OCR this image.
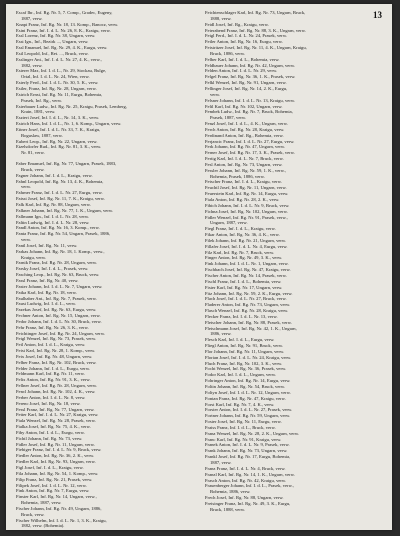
13
Escaf Ibr., Inf. Rg. Nr. 5, 7. Comp., Gradec, Eugeny,
1887, verw.
Knapi Franz, Inf. Rg. Nr. 18, 13. Komp., Banocz, verw.
Esini Franz, Inf. I. d. L. Nr. 26, 8. K., Kraigu, verw.
Essl Lorenz, Inf. Rg. Nr. 38, Ungarn, verw.
Esst Ign., Inf., Bezirk ..., Ungarn, verw.
Essl Emanuel, Inf. Rg. Nr. 29, 4. K., Eurgu, verw.
Estl Leopold, Inf., Ret. ..., Bruck, verw.
Esslinger Ant., Inf. I. d. L. Nr. 27, 4. K., verw.,
1882, verw.
Esterer Max, Inf. I. d. L., Nr. 29, Stockau, Bulge,
Ortal, Inf. I. d. L. Nr. 24, Wien, verw.
Esterly Ferd., Inf. I. d. L. Nr. 30, 5. K., verw.
Estler, Franz, Inf. Rg. Nr. 28, Ungarn, verw.
Estrich Ernst, Inf. Rg. Nr. 11, Eurgu, Bohemia,
Prasek, Inf. Rg., verw.
Esterbauer Ludw., Inf. Rg. Nr. 25, Kraigu, Prasek, Lemberg,
Krain, 1881, verw.
Eszteri Josef, Inf. I. d. L., Nr. 14, 3. K., verw.
Estrich Hans, Inf. I. d. L., Nr. 1, 6. Komp., Ungarn, verw.
Ettner Josef, Inf. I. d. L. Nr. 33, 7. K., Kraigu,
Boguslaw, 1887, verw.
Eubert Leop., Inf. Rg. Nr. 22, Ungarn, verw.
Etzelsdorfer Rud., Inf. Rg. Nr. 81, 3. K., verw.
Nr. 81, verw.
Faber Emanuel, Inf. Rg. Nr. 77, Ungarn, Prasek, 1883,
Bruck, verw.
Fagner Johann, Inf. I. d. L., Kraigu, verw.
Fahnl Leopold, Inf. Rg. Nr. 13, 4. K., Bohemia,
verw.
Fahrner Franz, Inf. I. d. L. Nr. 27, Eurgu, verw.
Faisst Josef, Inf. Rg. Nr. 11, 7. K., Kraigu, verw.
Falk Karl, Inf. Rg. Nr. 88, Ungarn, verw.
Falkner Johann, Inf. Rg. Nr. 77, 1. K., Ungarn, verw.
Fallmann Ign., Inf. I. d. L. Nr. 28, verw.
Faltin Ludwig, Inf. I. d. L. Nr. 28, verw.
Fandl Anton, Inf. Rg. Nr. 16, 3. Komp., verw.
Fanta Franz, Inf. Rg. Nr. 54, Ungarn, Prasek, 1886,
verw.
Fantl Josef, Inf. Rg. Nr. 11, verw.
Farkas Johann, Inf. Rg. Nr. 18, 1. Komp., verw.,
Kraigu, verw.
Farnik Franz, Inf. Rg. Nr. 28, Ungarn, verw.
Farsky Josef, Inf. I. d. L., Prasek, verw.
Fasching Leop., Inf. Rg. Nr. 63, Bruck, verw.
Fassl Franz, Inf. Rg. Nr. 40, verw.
Faster Johann, Inf. I. d. L. Nr. 7, Ungarn, verw.
Fatka Karl, Inf. Rg. Nr. 18, verw.
Faulhaber Ant., Inf. Rg. Nr. 7, Prasek, verw.
Faust Ludwig, Inf. I. d. L., verw.
Fazekas Josef, Inf. Rg. Nr. 63, Eurgu, verw.
Fechner Anton, Inf. Rg. Nr. 15, Ungarn, verw.
Fedor Johann, Inf. I. d. L. Nr. 30, Bruck, verw.
Fehr Franz, Inf. Rg. Nr. 26, 3. K., verw.
Feichtinger Josef, Inf. Rg. Nr. 24, Ungarn, verw.
Feigl Wenzel, Inf. Rg. Nr. 73, Prasek, verw.
Feil Anton, Inf. I. d. L., Kraigu, verw.
Feist Karl, Inf. Rg. Nr. 28, 1. Komp., verw.
Feix Josef, Inf. Rg. Nr. 48, Ungarn, verw.
Felber Franz, Inf. Rg. Nr. 102, Bruck, verw.
Felder Johann, Inf. I. d. L., Eurgu, verw.
Feldmann Karl, Inf. Rg. Nr. 11, verw.
Felix Anton, Inf. Rg. Nr. 91, 3. K., verw.
Fellner Josef, Inf. Rg. Nr. 28, Ungarn, verw.
Fencl Johann, Inf. Rg. Nr. 102, 4. K., verw.
Ferber Anton, Inf. I. d. L. Nr. 8, verw.
Ferenc Josef, Inf. Rg. Nr. 18, verw.
Fessl Franz, Inf. Rg. Nr. 77, Ungarn, verw.
Fetter Karl, Inf. I. d. L. Nr. 27, Kraigu, verw.
Fiala Wenzel, Inf. Rg. Nr. 28, Prasek, verw.
Fialka Josef, Inf. Rg. Nr. 75, 4. K., verw.
Fiby Anton, Inf. I. d. L., Eurgu, verw.
Fichtl Johann, Inf. Rg. Nr. 73, verw.
Fidler Josef, Inf. Rg. Nr. 11, Ungarn, verw.
Fiebiger Franz, Inf. I. d. L. Nr. 9, Bruck, verw.
Fiedler Anton, Inf. Rg. Nr. 36, 2. K., verw.
Fiedler Karl, Inf. Rg. Nr. 93, Ungarn, verw.
Figl Josef, Inf. I. d. L., Kraigu, verw.
Fila Johann, Inf. Rg. Nr. 54, 1. Komp., verw.
Filip Franz, Inf. Rg. Nr. 21, Prasek, verw.
Filipek Josef, Inf. I. d. L. Nr. 12, verw.
Fink Anton, Inf. Rg. Nr. 7, Eurgu, verw.
Finster Karl, Inf. Rg. Nr. 14, Ungarn, verw.,
Bohemia, 1887, verw.
Fischer Johann, Inf. Rg. Nr. 49, Ungarn, 1886,
Bruck, verw.
Fischer Wilhelm, Inf. I. d. L. Nr. 1, 3. K., Kraigu,
1882, verw. (Bohemia).
Feichtenschlager Karl, Inf. Rg. Nr. 73, Ungarn, Bruck,
1888, verw.
Feidl Josef, Inf. Rg., Kraigu, verw.
Feierabend Franz, Inf. Rg. Nr. 88, 3. K., Ungarn, verw.
Feigl Ferd., Inf. I. d. L. Nr. 24, Prasek, verw.
Feiler Anton, Inf. Rg. Nr. 16, Eurgu, verw.
Feistritzer Josef, Inf. Rg. Nr. 11, 4. K., Ungarn, Kraigu,
Bruck, 1886, verw.
Felber Karl, Inf. I. d. L., Bohemia, verw.
Feldbauer Johann, Inf. Rg. Nr. 42, Ungarn, verw.
Felden Anton, Inf. I. d. L. Nr. 29, verw.
Felgel Franz, Inf. Rg. Nr. 36, 1. K., Prasek, verw.
Felkl Wenzel, Inf. Rg. Nr. 91, Ungarn, verw.
Fellinger Josef, Inf. Rg. Nr. 14, 2. K., Eurgu,
verw.
Felsner Johann, Inf. I. d. L. Nr. 13, Kraigu, verw.
Feltl Karl, Inf. Rg. Nr. 102, Ungarn, verw.
Fembek Ludw., Inf. Rg. Nr. 7, Bruck, Bohemia,
Prasek, 1887, verw.
Fenzl Josef, Inf. I. d. L., 4. K., Ungarn, verw.
Ferch Anton, Inf. Rg. Nr. 28, Kraigu, verw.
Ferdinand Anton, Inf. Rg., Bohemia, verw.
Ferjancic Franz, Inf. I. d. L. Nr. 27, Eurgu, verw.
Ferk Johann, Inf. Rg. Nr. 47, Ungarn, verw.
Ferner Josef, Inf. Rg. Nr. 17, 3. K., Prasek, verw.
Fertig Karl, Inf. I. d. L. Nr. 7, Bruck, verw.
Fesl Anton, Inf. Rg. Nr. 73, Ungarn, verw.
Fessler Johann, Inf. Rg. Nr. 59, 1. K., verw.,
Bohemia, Prasek, 1886, verw.
Fetscher Franz, Inf. I. d. L., Kraigu, verw.
Feuchtl Josef, Inf. Rg. Nr. 11, Ungarn, verw.
Feuerstein Karl, Inf. Rg. Nr. 14, Eurgu, verw.
Fiala Anton, Inf. Rg. Nr. 28, 2. K., verw.
Fibich Johann, Inf. I. d. L. Nr. 9, Bruck, verw.
Fichna Josef, Inf. Rg. Nr. 102, Ungarn, verw.
Fidler Wenzel, Inf. Rg. Nr. 91, Prasek, verw.,
Ungarn, 1887, verw.
Fiegl Franz, Inf. I. d. L., Kraigu, verw.
Fikar Anton, Inf. Rg. Nr. 36, 4. K., verw.
Filek Johann, Inf. Rg. Nr. 21, Ungarn, verw.
Fillafer Josef, Inf. I. d. L. Nr. 4, Eurgu, verw.
Filz Karl, Inf. Rg. Nr. 7, Bruck, verw.
Finger Anton, Inf. Rg. Nr. 49, 3. K., verw.
Fink Johann, Inf. I. d. L. Nr. 1, Ungarn, verw.
Fischbach Josef, Inf. Rg. Nr. 47, Kraigu, verw.
Fischer Anton, Inf. Rg. Nr. 14, Prasek, verw.
Fischl Franz, Inf. I. d. L., Bohemia, verw.
Fister Karl, Inf. Rg. Nr. 17, Ungarn, verw.
Fitz Johann, Inf. Rg. Nr. 59, 2. K., Eurgu, verw.
Flach Josef, Inf. I. d. L. Nr. 27, Bruck, verw.
Fladerer Anton, Inf. Rg. Nr. 73, Ungarn, verw.
Flasch Wenzel, Inf. Rg. Nr. 28, Kraigu, verw.
Flecker Franz, Inf. I. d. L. Nr. 13, verw.
Fleischer Johann, Inf. Rg. Nr. 88, Prasek, verw.
Fleischmann Josef, Inf. Rg. Nr. 42, 1. K., Ungarn,
1886, verw.
Flesch Karl, Inf. I. d. L., Eurgu, verw.
Fliegl Anton, Inf. Rg. Nr. 91, Bruck, verw.
Flor Johann, Inf. Rg. Nr. 11, Ungarn, verw.
Florian Josef, Inf. I. d. L. Nr. 24, Kraigu, verw.
Fluch Franz, Inf. Rg. Nr. 102, 3. K., verw.
Focht Wenzel, Inf. Rg. Nr. 36, Prasek, verw.
Fodor Karl, Inf. I. d. L., Ungarn, verw.
Fohringer Anton, Inf. Rg. Nr. 14, Eurgu, verw.
Foltin Johann, Inf. Rg. Nr. 54, Bruck, verw.
Foltyn Josef, Inf. I. d. L. Nr. 12, Ungarn, verw.
Fontan Franz, Inf. Rg. Nr. 47, Kraigu, verw.
Forst Karl, Inf. Rg. Nr. 7, 4. K., verw.
Forster Anton, Inf. I. d. L. Nr. 27, Prasek, verw.
Fortner Johann, Inf. Rg. Nr. 59, Ungarn, verw.
Foster Josef, Inf. Rg. Nr. 11, Eurgu, verw.
Fraiss Franz, Inf. I. d. L., Bruck, verw.
Frana Wenzel, Inf. Rg. Nr. 28, 2. K., Ungarn, verw.
Franc Karl, Inf. Rg. Nr. 91, Kraigu, verw.
Franek Anton, Inf. I. d. L. Nr. 9, Prasek, verw.
Frank Johann, Inf. Rg. Nr. 73, Ungarn, verw.
Frankl Josef, Inf. Rg. Nr. 17, Eurgu, Bohemia,
1887, verw.
Franz Franz, Inf. I. d. L. Nr. 4, Bruck, verw.
Franzl Karl, Inf. Rg. Nr. 14, 1. K., Ungarn, verw.
Frasch Anton, Inf. Rg. Nr. 42, Kraigu, verw.
Frauenberger Johann, Inf. I. d. L., Prasek, verw.,
Bohemia, 1886, verw.
Frech Josef, Inf. Rg. Nr. 88, Ungarn, verw.
Freisinger Franz, Inf. Rg. Nr. 49, 3. K., Eurgu,
Bruck, 1888, verw.
